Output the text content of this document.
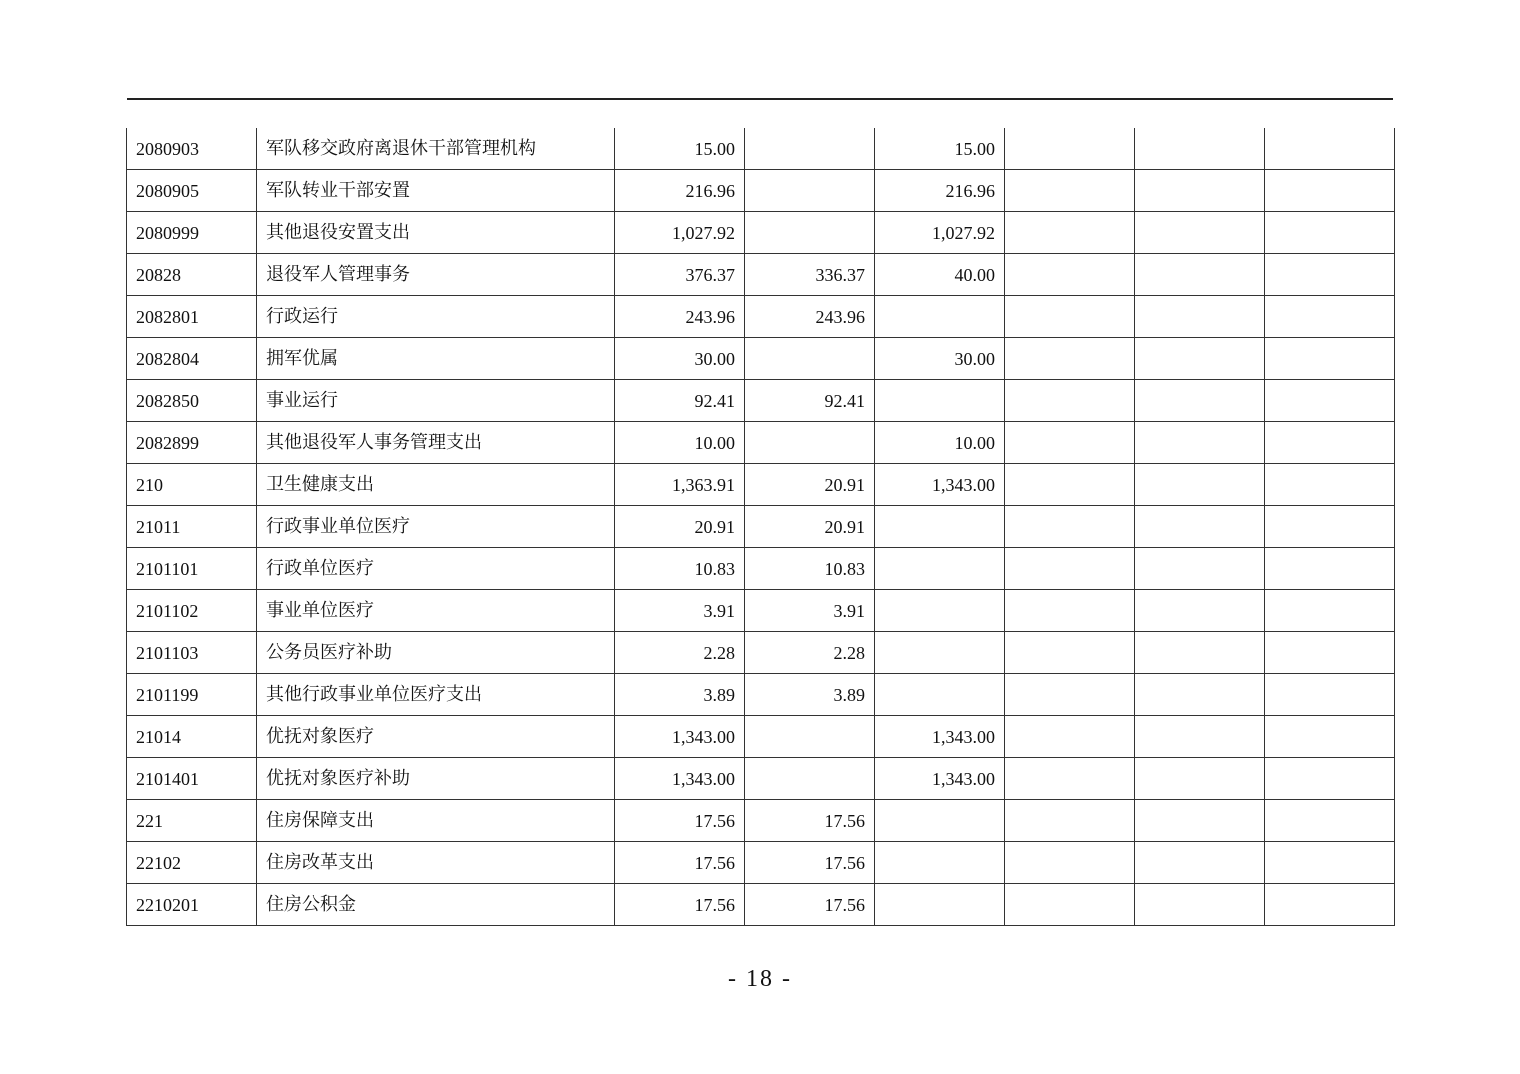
2080903	军队移交政府离退休干部管理机构	15.00		15.00			
2080905	军队转业干部安置	216.96		216.96			
2080999	其他退役安置支出	1,027.92		1,027.92			
20828	退役军人管理事务	376.37	336.37	40.00			
2082801	行政运行	243.96	243.96				
2082804	拥军优属	30.00		30.00			
2082850	事业运行	92.41	92.41				
2082899	其他退役军人事务管理支出	10.00		10.00			
210	卫生健康支出	1,363.91	20.91	1,343.00			
21011	行政事业单位医疗	20.91	20.91				
2101101	行政单位医疗	10.83	10.83				
2101102	事业单位医疗	3.91	3.91				
2101103	公务员医疗补助	2.28	2.28				
2101199	其他行政事业单位医疗支出	3.89	3.89				
21014	优抚对象医疗	1,343.00		1,343.00			
2101401	优抚对象医疗补助	1,343.00		1,343.00			
221	住房保障支出	17.56	17.56				
22102	住房改革支出	17.56	17.56				
2210201	住房公积金	17.56	17.56				
- 18 -
